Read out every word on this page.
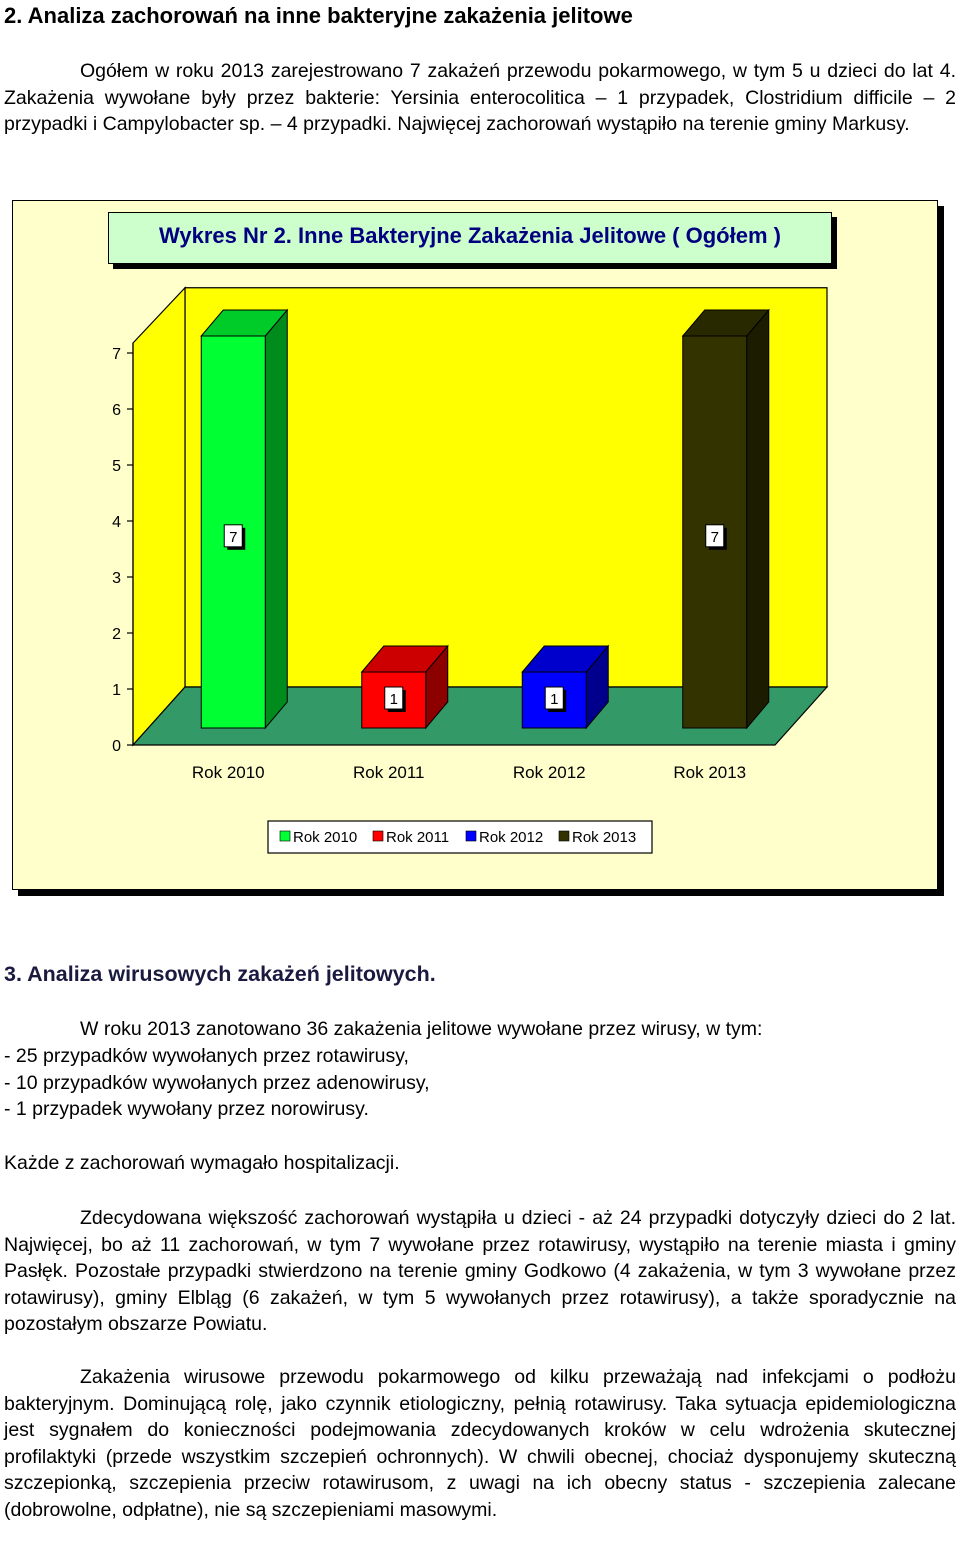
2. Analiza zachorowań na inne bakteryjne zakażenia jelitowe
Ogółem w roku 2013 zarejestrowano 7 zakażeń przewodu pokarmowego, w tym 5 u dzieci do lat 4. Zakażenia wywołane były przez bakterie: Yersinia enterocolitica – 1 przypadek, Clostridium difficile – 2 przypadki i Campylobacter sp. – 4 przypadki. Najwięcej zachorowań wystąpiło na terenie gminy Markusy.
0
1
2
3
4
5
6
7
7
Rok 2010
1
Rok 2011
1
Rok 2012
7
Rok 2013
Rok 2010 Rok 2011 Rok 2012 Rok 2013
Wykres Nr 2. Inne Bakteryjne Zakażenia Jelitowe ( Ogółem )
3. Analiza wirusowych zakażeń jelitowych.
W roku 2013 zanotowano 36 zakażenia jelitowe wywołane przez wirusy, w tym:
- 25 przypadków wywołanych przez rotawirusy,
- 10 przypadków wywołanych przez adenowirusy,
- 1 przypadek wywołany przez norowirusy.
Każde z zachorowań wymagało hospitalizacji.
Zdecydowana większość zachorowań wystąpiła u dzieci - aż 24 przypadki dotyczyły dzieci do 2 lat. Najwięcej, bo aż 11 zachorowań, w tym 7 wywołane przez rotawirusy, wystąpiło na terenie miasta i gminy Pasłęk. Pozostałe przypadki stwierdzono na terenie gminy Godkowo (4 zakażenia, w tym 3 wywołane przez rotawirusy), gminy Elbląg (6 zakażeń, w tym 5 wywołanych przez rotawirusy), a także sporadycznie na pozostałym obszarze Powiatu.
Zakażenia wirusowe przewodu pokarmowego od kilku przeważają nad infekcjami o podłożu bakteryjnym. Dominującą rolę, jako czynnik etiologiczny, pełnią rotawirusy. Taka sytuacja epidemiologiczna jest sygnałem do konieczności podejmowania zdecydowanych kroków w celu wdrożenia skutecznej profilaktyki (przede wszystkim szczepień ochronnych). W chwili obecnej, chociaż dysponujemy skuteczną szczepionką, szczepienia przeciw rotawirusom, z uwagi na ich obecny status - szczepienia zalecane (dobrowolne, odpłatne), nie są szczepieniami masowymi.
